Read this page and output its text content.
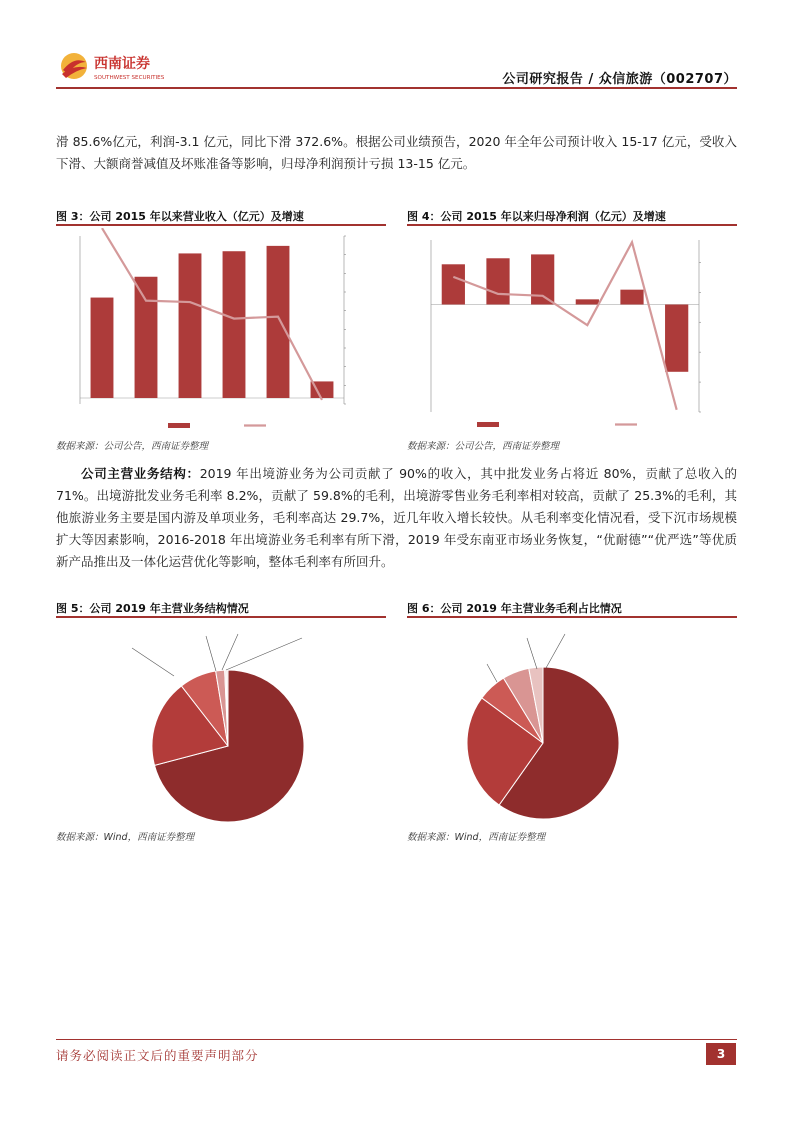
西南证券
SOUTHWEST SECURITIES	公司研究报告 / 众信旅游（002707）
滑 85.6%亿元，利润-3.1 亿元，同比下滑 372.6%。根据公司业绩预告，2020 年全年公司预计收入 15-17 亿元，受收入下滑、大额商誉减值及坏账准备等影响，归母净利润预计亏损 13-15 亿元。
图 3：公司 2015 年以来营业收入（亿元）及增速	图 4：公司 2015 年以来归母净利润（亿元）及增速
数据来源：公司公告，西南证券整理	数据来源：公司公告，西南证券整理
公司主营业务结构：2019 年出境游业务为公司贡献了 90%的收入，其中批发业务占将近 80%，贡献了总收入的 71%。出境游批发业务毛利率 8.2%，贡献了 59.8%的毛利，出境游零售业务毛利率相对较高，贡献了 25.3%的毛利，其他旅游业务主要是国内游及单项业务，毛利率高达 29.7%，近几年收入增长较快。从毛利率变化情况看，受下沉市场规模扩大等因素影响，2016-2018 年出境游业务毛利率有所下滑，2019 年受东南亚市场业务恢复，“优耐德”“优严选”等优质新产品推出及一体化运营优化等影响，整体毛利率有所回升。
图 5：公司 2019 年主营业务结构情况	图 6：公司 2019 年主营业务毛利占比情况
数据来源：Wind，西南证券整理	数据来源：Wind，西南证券整理
请务必阅读正文后的重要声明部分	3
